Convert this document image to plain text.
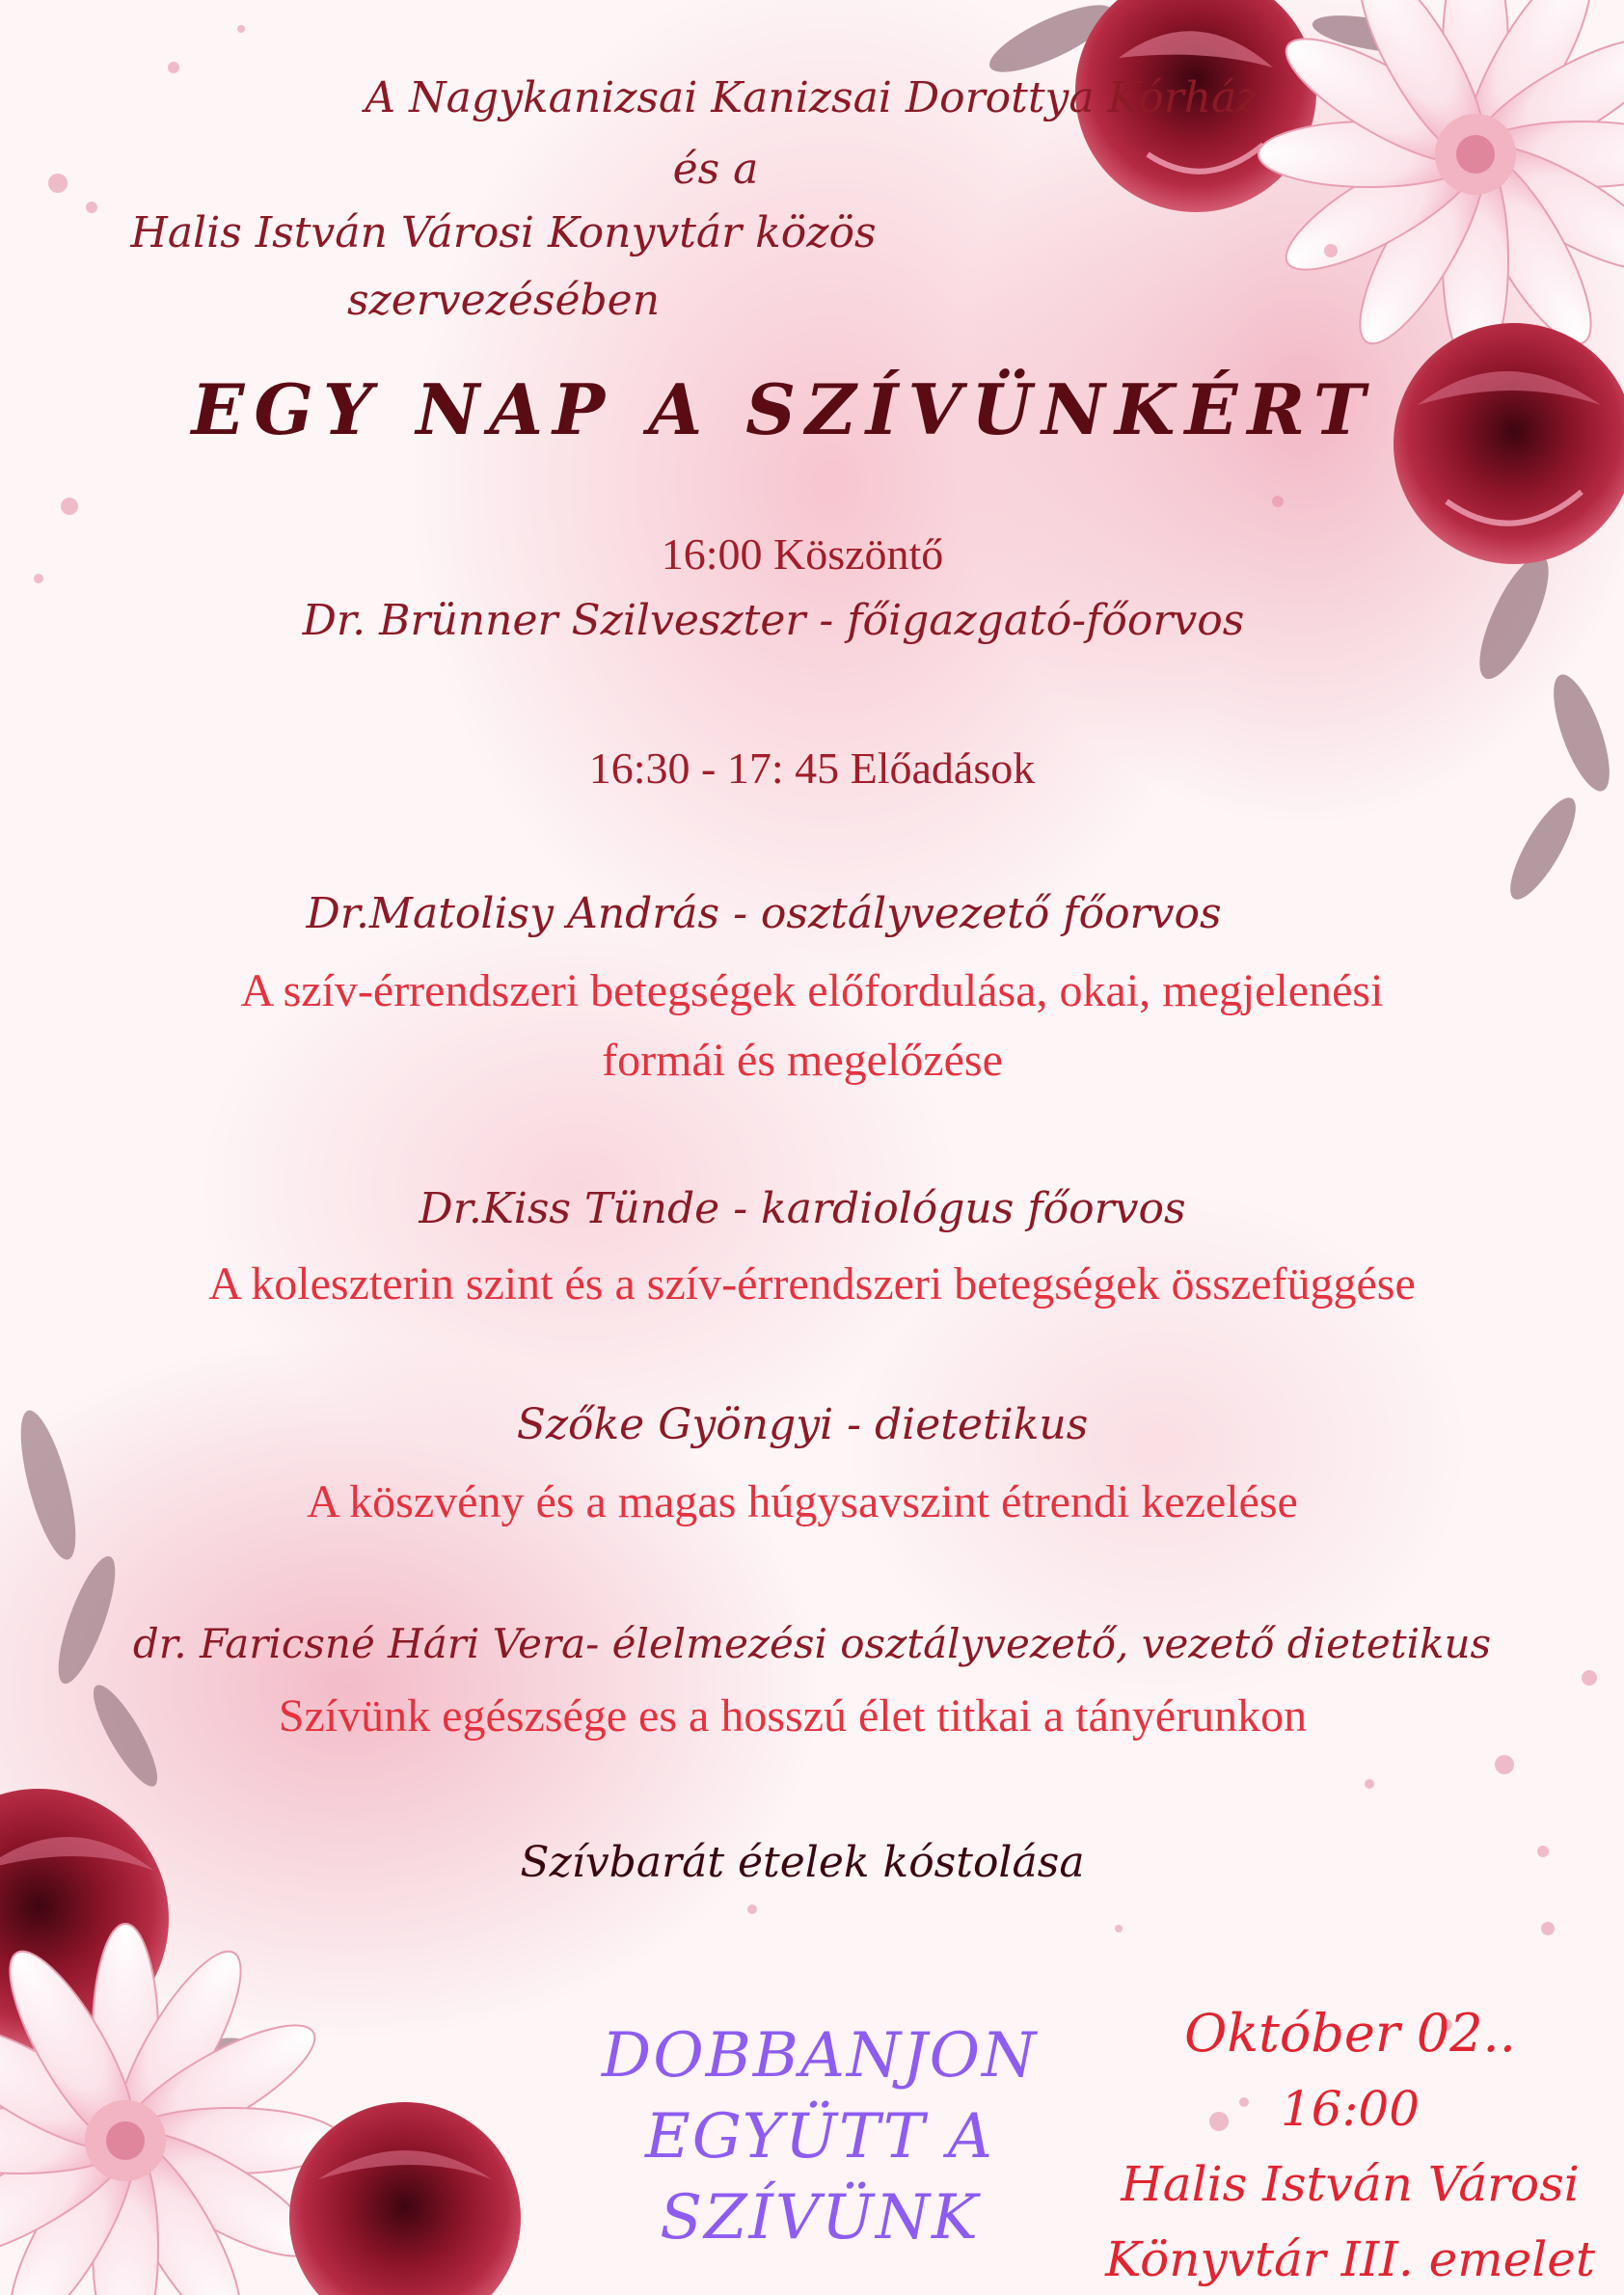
A Nagykanizsai Kanizsai Dorottya Kórház

és a

Halis István Városi Konyvtár közös

szervezésében

EGY NAP A SZÍVÜNKÉRT

16:00 Köszöntő

Dr. Brünner Szilveszter - főigazgató-főorvos

16:30 - 17: 45 Előadások

Dr.Matolisy András - osztályvezető főorvos

A szív-érrendszeri betegségek előfordulása, okai, megjelenési

formái és megelőzése

Dr.Kiss Tünde - kardiológus főorvos

A koleszterin szint és a szív-érrendszeri betegségek összefüggése

Szőke Gyöngyi - dietetikus

A köszvény és a magas húgysavszint étrendi kezelése

dr. Faricsné Hári Vera- élelmezési osztályvezető, vezető dietetikus

Szívünk egészsége es a hosszú élet titkai a tányérunkon

Szívbarát ételek kóstolása

DOBBANJON
EGYÜTT A
SZÍVÜNK
Október 02..
16:00
Halis István Városi
Könyvtár III. emelet
